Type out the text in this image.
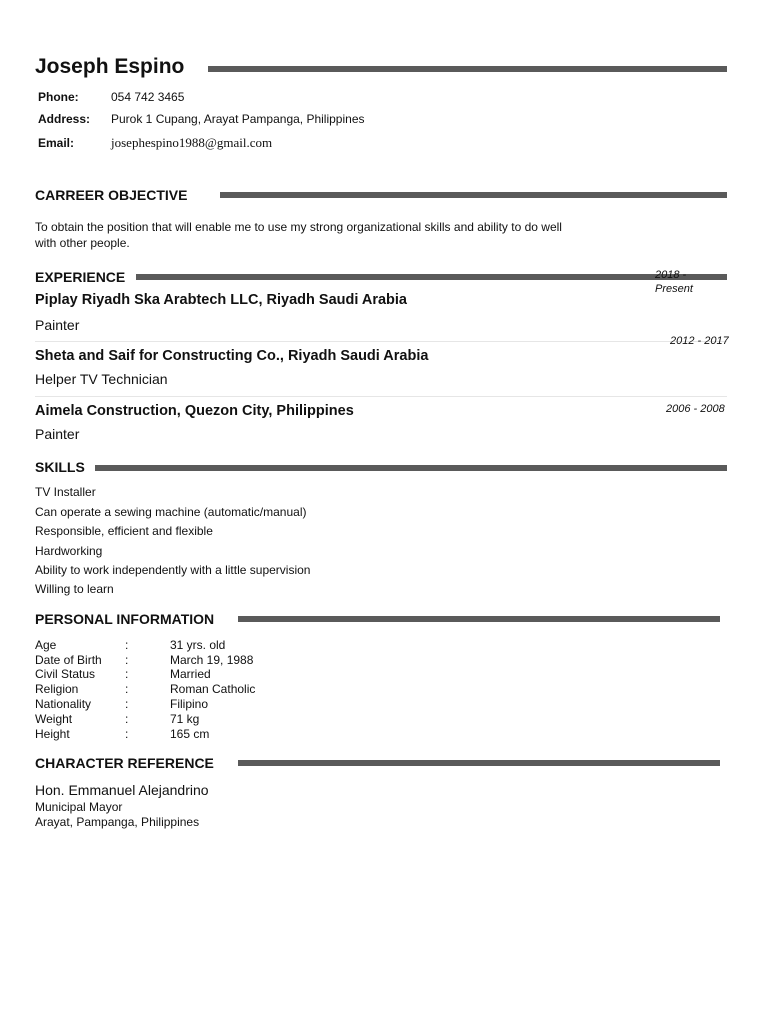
Joseph Espino
Phone:	054 742 3465
Address: Purok 1 Cupang, Arayat Pampanga, Philippines
Email:	josephespino1988@gmail.com
CARREER OBJECTIVE
To obtain the position that will enable me to use my strong organizational skills and ability to do well
with other people.
EXPERIENCE
Piplay Riyadh Ska Arabtech LLC, Riyadh Saudi Arabia
Painter
2018 - Present
Sheta and Saif for Constructing Co., Riyadh Saudi Arabia
Helper TV Technician
2012 - 2017
Aimela Construction, Quezon City, Philippines
Painter
2006 - 2008
SKILLS
TV Installer
Can operate a sewing machine (automatic/manual)
Responsible, efficient and flexible
Hardworking
Ability to work independently with a little supervision
Willing to learn
PERSONAL INFORMATION
Age	:	31 yrs. old
Date of Birth :	March 19, 1988
Civil Status :	Married
Religion	:	Roman Catholic
Nationality	:	Filipino
Weight	:	71 kg
Height	:	165 cm
CHARACTER REFERENCE
Hon. Emmanuel Alejandrino
Municipal Mayor
Arayat, Pampanga, Philippines
